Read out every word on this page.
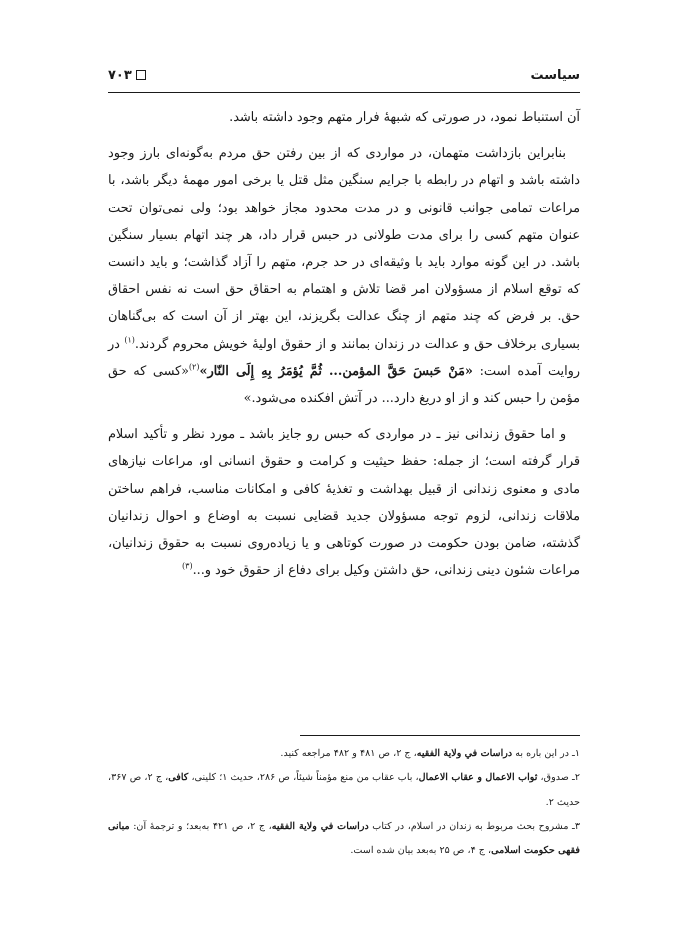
سیاست
۷۰۳

آن استنباط نمود، در صورتی که شبههٔ فرار متهم وجود داشته باشد.

بنابراین بازداشت متهمان، در مواردی که از بین رفتن حق مردم به‌گونه‌ای بارز وجود داشته باشد و اتهام در رابطه با جرایم سنگین مثل قتل یا برخی امور مهمهٔ دیگر باشد، با مراعات تمامی جوانب قانونی و در مدت محدود مجاز خواهد بود؛ ولی نمی‌توان تحت عنوان متهم کسی را برای مدت طولانی در حبس قرار داد، هر چند اتهام بسیار سنگین باشد. در این گونه موارد باید با وثیقه‌ای در حد جرم، متهم را آزاد گذاشت؛ و باید دانست که توقع اسلام از مسؤولان امر قضا تلاش و اهتمام به احقاق حق است نه نفس احقاق حق. بر فرض که چند متهم از چنگ عدالت بگریزند، این بهتر از آن است که بی‌گناهان بسیاری برخلاف حق و عدالت در زندان بمانند و از حقوق اولیهٔ خویش محروم گردند.$^{(۱)}$ در روایت آمده است: «مَنْ حَبسَ حَقَّ المؤمن... ثُمَّ يُؤمَرُ بِهِ إِلَى النّار»$^{(۲)}$«کسی که حق مؤمن را حبس کند و از او دریغ دارد... در آتش افکنده می‌شود.»

و اما حقوق زندانی نیز ـ در مواردی که حبس رو جایز باشد ـ مورد نظر و تأکید اسلام قرار گرفته است؛ از جمله: حفظ حیثیت و کرامت و حقوق انسانی او، مراعات نیازهای مادی و معنوی زندانی از قبیل بهداشت و تغذیهٔ کافی و امکانات مناسب، فراهم ساختن ملاقات زندانی، لزوم توجه مسؤولان جدید قضایی نسبت به اوضاع و احوال زندانیان گذشته، ضامن بودن حکومت در صورت کوتاهی و یا زیاده‌روی نسبت به حقوق زندانیان، مراعات شئون دینی زندانی، حق داشتن وکیل برای دفاع از حقوق خود و...$^{(۳)}$

۱ـ در این باره به دراسات في ولاية الفقيه، ج ۲، ص ۴۸۱ و ۴۸۲ مراجعه کنید.

۲ـ صدوق، ثواب الاعمال و عقاب الاعمال، باب عقاب من منع مؤمناً شیئاً، ص ۲۸۶، حدیث ۱؛ کلینی، کافی، ج ۲، ص ۳۶۷، حدیث ۲.

۳ـ مشروح بحث مربوط به زندان در اسلام، در کتاب دراسات في ولاية الفقيه، ج ۲، ص ۴۲۱ به‌بعد؛ و ترجمهٔ آن: مبانی فقهی حکومت اسلامی، ج ۴، ص ۲۵ به‌بعد بیان شده است.
